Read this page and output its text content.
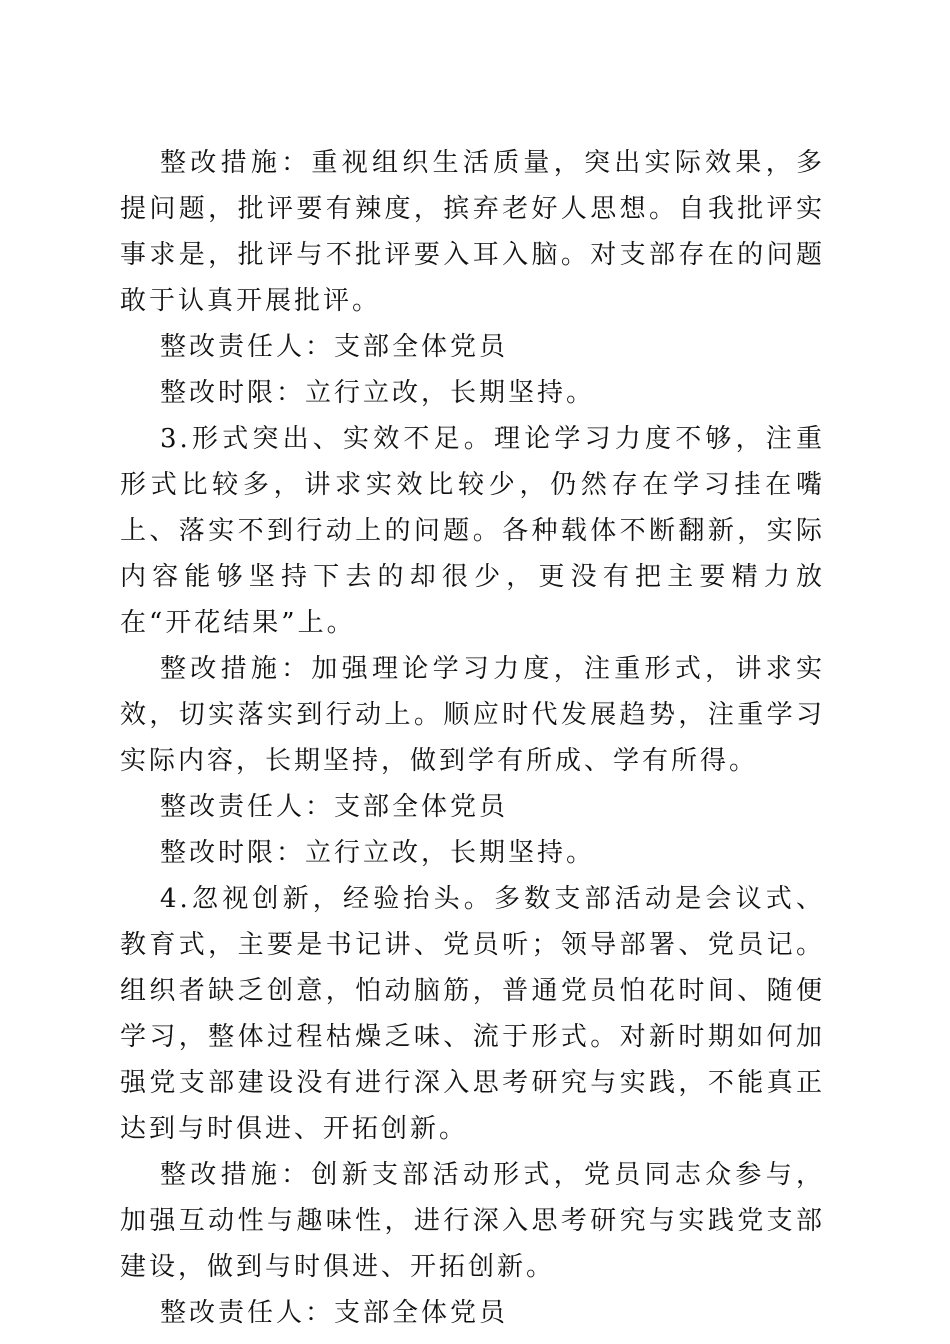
整改措施：重视组织生活质量，突出实际效果，多提问题，批评要有辣度，摈弃老好人思想。自我批评实事求是，批评与不批评要入耳入脑。对支部存在的问题敢于认真开展批评。

整改责任人：支部全体党员

整改时限：立行立改，长期坚持。

3.形式突出、实效不足。理论学习力度不够，注重形式比较多，讲求实效比较少，仍然存在学习挂在嘴上、落实不到行动上的问题。各种载体不断翻新，实际内容能够坚持下去的却很少，更没有把主要精力放在“开花结果”上。

整改措施：加强理论学习力度，注重形式，讲求实效，切实落实到行动上。顺应时代发展趋势，注重学习实际内容，长期坚持，做到学有所成、学有所得。

整改责任人：支部全体党员

整改时限：立行立改，长期坚持。

4.忽视创新，经验抬头。多数支部活动是会议式、教育式，主要是书记讲、党员听；领导部署、党员记。组织者缺乏创意，怕动脑筋，普通党员怕花时间、随便学习，整体过程枯燥乏味、流于形式。对新时期如何加强党支部建设没有进行深入思考研究与实践，不能真正达到与时俱进、开拓创新。

整改措施：创新支部活动形式，党员同志众参与，加强互动性与趣味性，进行深入思考研究与实践党支部建设，做到与时俱进、开拓创新。

整改责任人：支部全体党员
